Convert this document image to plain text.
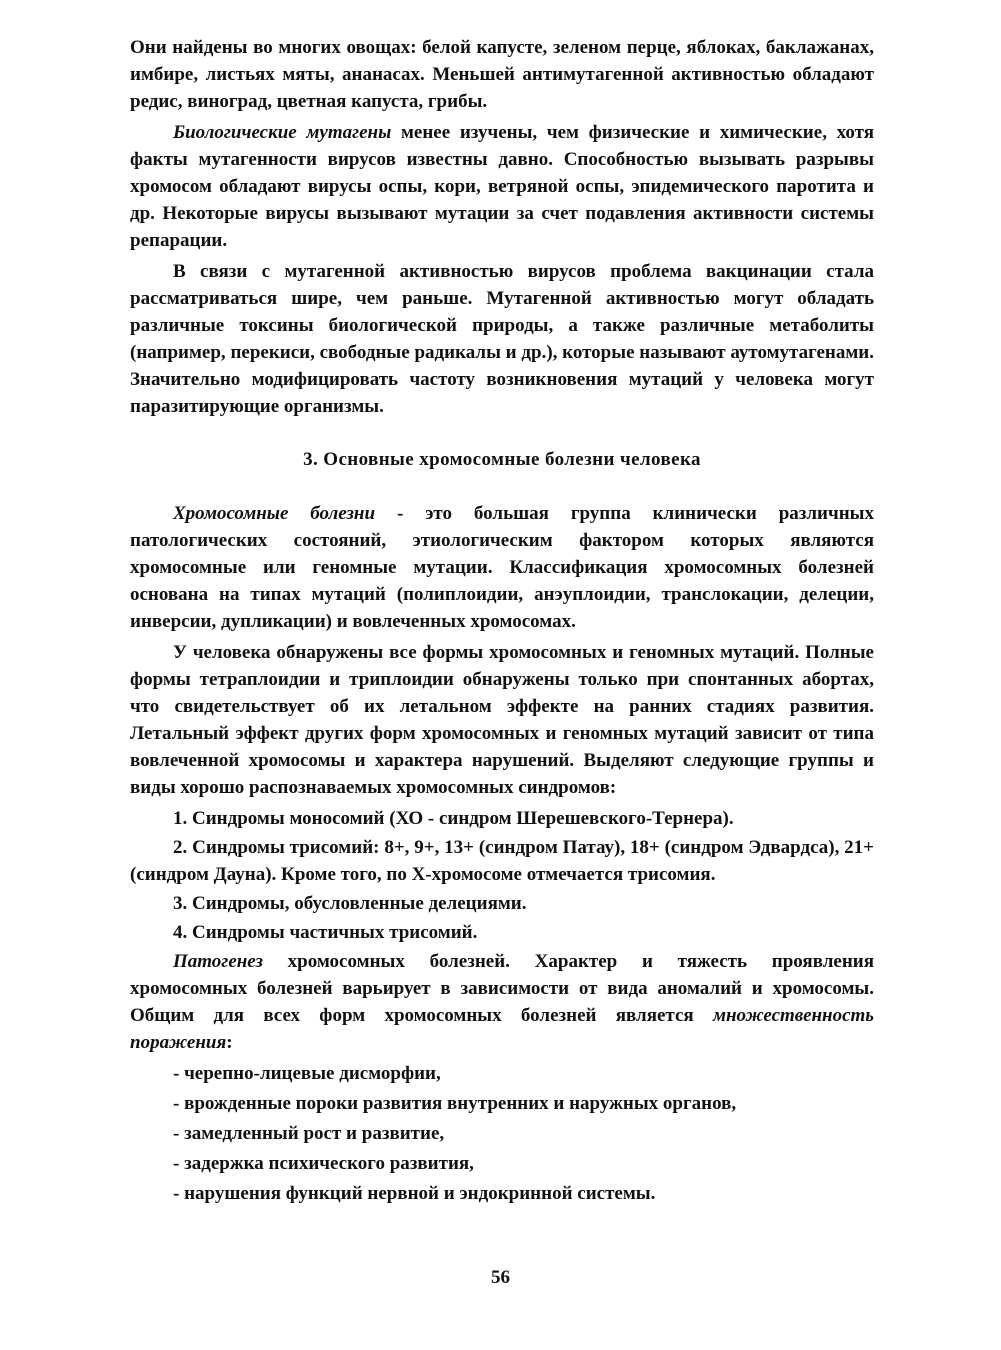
Они найдены во многих овощах: белой капусте, зеленом перце, яблоках, баклажанах, имбире, листьях мяты, ананасах. Меньшей антимутагенной активностью обладают редис, виноград, цветная капуста, грибы.

Биологические мутагены менее изучены, чем физические и химические, хотя факты мутагенности вирусов известны давно. Способностью вызывать разрывы хромосом обладают вирусы оспы, кори, ветряной оспы, эпидемического паротита и др. Некоторые вирусы вызывают мутации за счет подавления активности системы репарации.

В связи с мутагенной активностью вирусов проблема вакцинации стала рассматриваться шире, чем раньше. Мутагенной активностью могут обладать различные токсины биологической природы, а также различные метаболиты (например, перекиси, свободные радикалы и др.), которые называют аутомутагенами. Значительно модифицировать частоту возникновения мутаций у человека могут паразитирующие организмы.

3. Основные хромосомные болезни человека

Хромосомные болезни - это большая группа клинически различных патологических состояний, этиологическим фактором которых являются хромосомные или геномные мутации. Классификация хромосомных болезней основана на типах мутаций (полиплоидии, анэуплоидии, транслокации, делеции, инверсии, дупликации) и вовлеченных хромосомах.

У человека обнаружены все формы хромосомных и геномных мутаций. Полные формы тетраплоидии и триплоидии обнаружены только при спонтанных абортах, что свидетельствует об их летальном эффекте на ранних стадиях развития. Летальный эффект других форм хромосомных и геномных мутаций зависит от типа вовлеченной хромосомы и характера нарушений. Выделяют следующие группы и виды хорошо распознаваемых хромосомных синдромов:

1. Синдромы моносомий (ХО - синдром Шерешевского-Тернера).

2. Синдромы трисомий: 8+, 9+, 13+ (синдром Патау), 18+ (синдром Эдвардса), 21+ (синдром Дауна). Кроме того, по Х-хромосоме отмечается трисомия.

3. Синдромы, обусловленные делециями.

4. Синдромы частичных трисомий.

Патогенез хромосомных болезней. Характер и тяжесть проявления хромосомных болезней варьирует в зависимости от вида аномалий и хромосомы. Общим для всех форм хромосомных болезней является множественность поражения:

- черепно-лицевые дисморфии,

- врожденные пороки развития внутренних и наружных органов,

- замедленный рост и развитие,

- задержка психического развития,

- нарушения функций нервной и эндокринной системы.

56
